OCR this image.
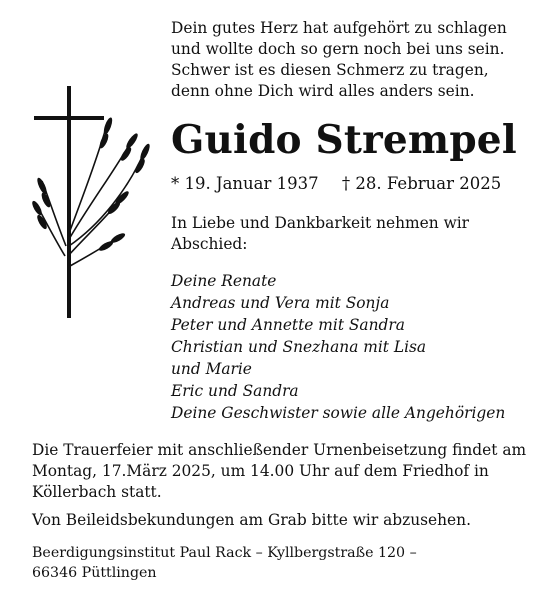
Dein gutes Herz hat aufgehört zu schlagen
und wollte doch so gern noch bei uns sein.
Schwer ist es diesen Schmerz zu tragen,
denn ohne Dich wird alles anders sein.
Guido Strempel
* 19. Januar 1937 † 28. Februar 2025
In Liebe und Dankbarkeit nehmen wir Abschied:
Deine Renate
Andreas und Vera mit Sonja
Peter und Annette mit Sandra
Christian und Snezhana mit Lisa
und Marie
Eric und Sandra
Deine Geschwister sowie alle Angehörigen
Die Trauerfeier mit anschließender Urnenbeisetzung findet am Montag, 17.März 2025, um 14.00 Uhr auf dem Friedhof in Köllerbach statt.
Von Beileidsbekundungen am Grab bitte wir abzusehen.
Beerdigungsinstitut Paul Rack – Kyllbergstraße 120 –
66346 Püttlingen
